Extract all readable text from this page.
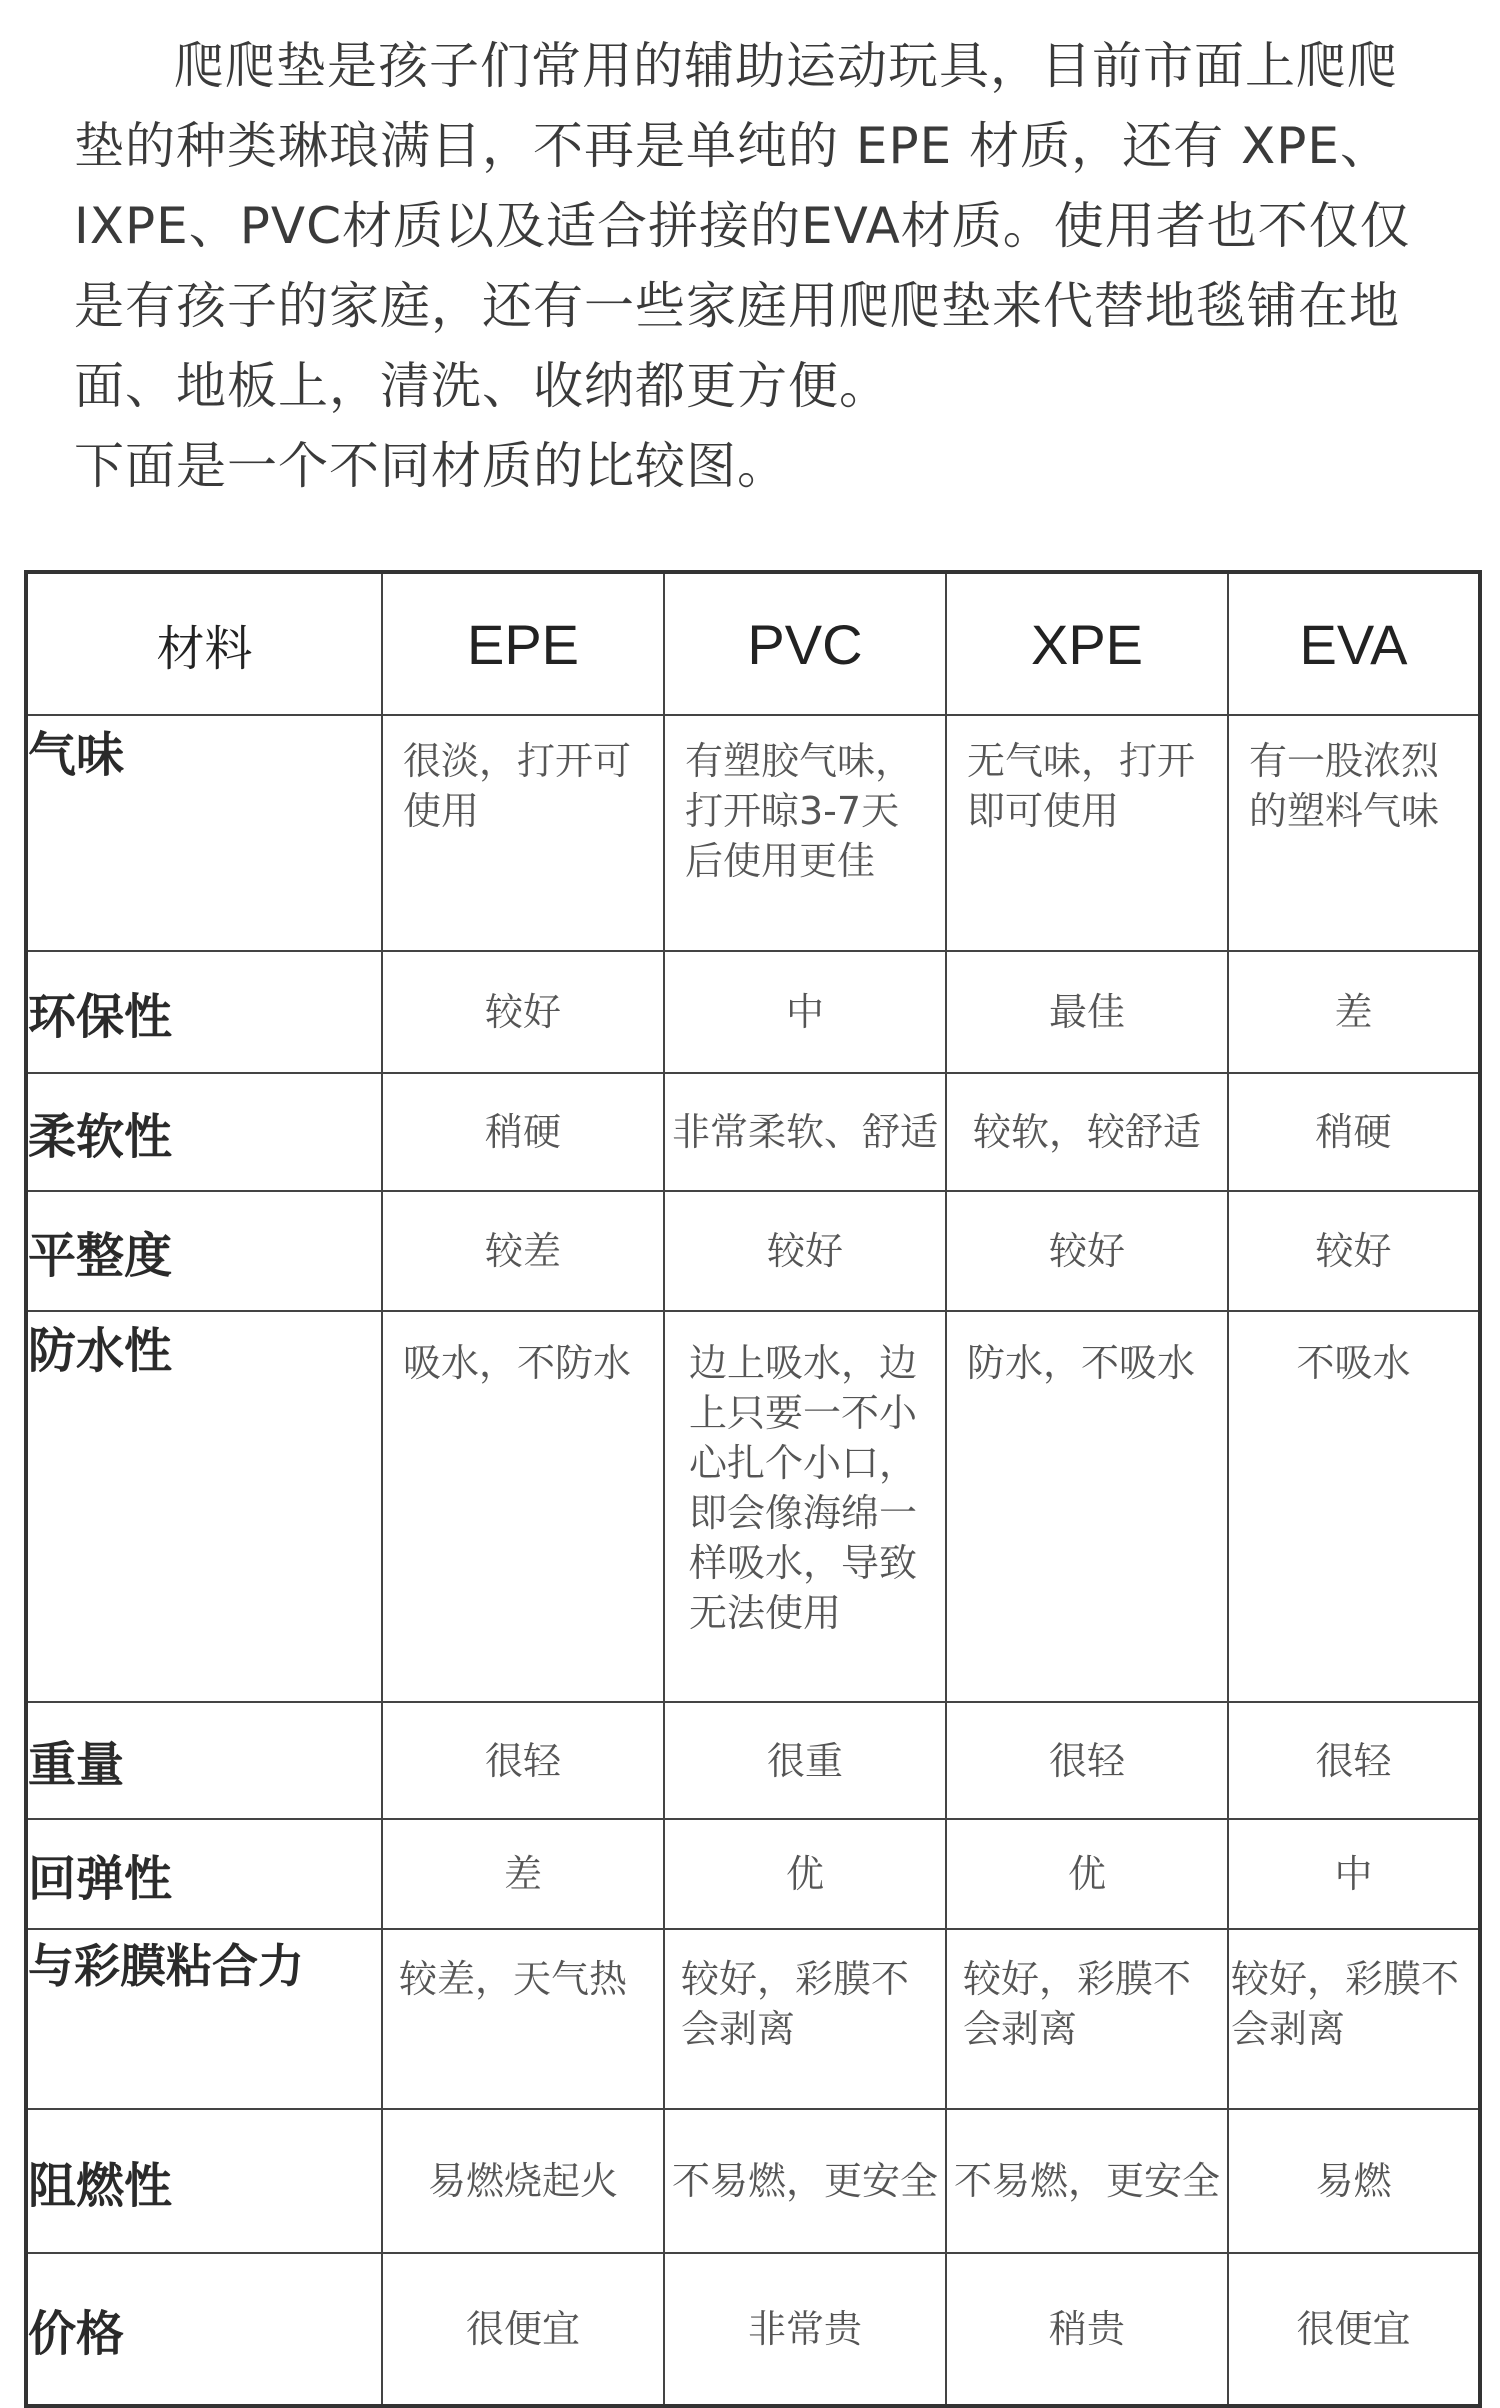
爬爬垫是孩子们常用的辅助运动玩具，目前市面上爬爬垫的种类琳琅满目，不再是单纯的 EPE 材质，还有 XPE、IXPE、PVC材质以及适合拼接的EVA材质。使用者也不仅仅是有孩子的家庭，还有一些家庭用爬爬垫来代替地毯铺在地面、地板上，清洗、收纳都更方便。

下面是一个不同材质的比较图。

材料	EPE	PVC	XPE	EVA
气味	很淡，打开可使用	有塑胶气味，打开晾3-7天后使用更佳	无气味，打开即可使用	有一股浓烈的塑料气味
环保性	较好	中	最佳	差
柔软性	稍硬	非常柔软、舒适	较软，较舒适	稍硬
平整度	较差	较好	较好	较好
防水性	吸水，不防水	边上吸水，边上只要一不小心扎个小口，即会像海绵一样吸水，导致无法使用	防水，不吸水	不吸水
重量	很轻	很重	很轻	很轻
回弹性	差	优	优	中
与彩膜粘合力	较差，天气热	较好，彩膜不会剥离	较好，彩膜不会剥离	较好，彩膜不会剥离
阻燃性	易燃烧起火	不易燃，更安全	不易燃，更安全	易燃
价格	很便宜	非常贵	稍贵	很便宜
